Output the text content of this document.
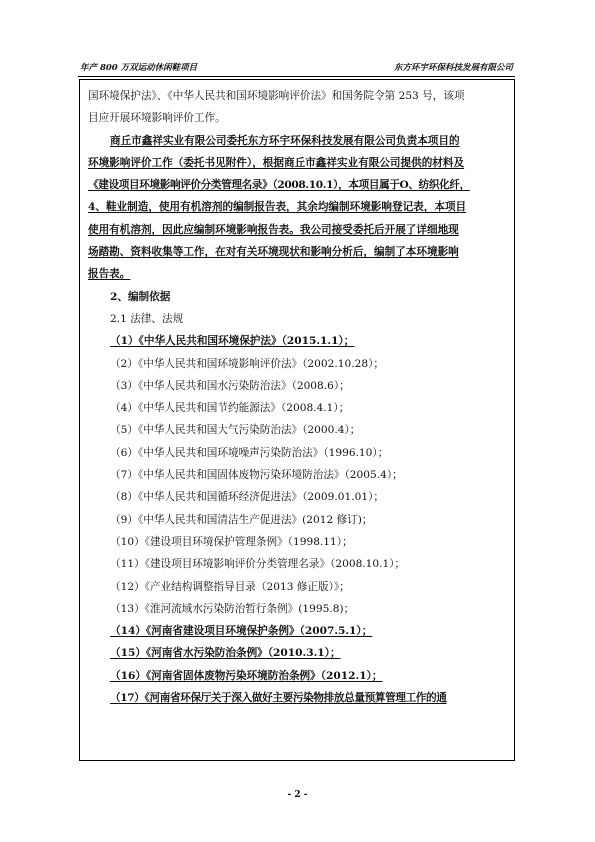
年产 800 万双运动休闲鞋项目	东方环宇环保科技发展有限公司
国环境保护法》、《中华人民共和国环境影响评价法》和国务院令第 253 号，该项
目应开展环境影响评价工作。
商丘市鑫祥实业有限公司委托东方环宇环保科技发展有限公司负责本项目的
环境影响评价工作（委托书见附件），根据商丘市鑫祥实业有限公司提供的材料及
《建设项目环境影响评价分类管理名录》（2008.10.1），本项目属于O、纺织化纤，
4、鞋业制造，使用有机溶剂的编制报告表，其余均编制环境影响登记表，本项目
使用有机溶剂，因此应编制环境影响报告表。我公司接受委托后开展了详细地现
场踏勘、资料收集等工作，在对有关环境现状和影响分析后，编制了本环境影响
报告表。
2、编制依据
2.1 法律、法规
（1）《中华人民共和国环境保护法》（2015.1.1）；
（2）《中华人民共和国环境影响评价法》（2002.10.28）；
（3）《中华人民共和国水污染防治法》（2008.6）；
（4）《中华人民共和国节约能源法》（2008.4.1）；
（5）《中华人民共和国大气污染防治法》（2000.4）；
（6）《中华人民共和国环境噪声污染防治法》（1996.10）；
（7）《中华人民共和国固体废物污染环境防治法》（2005.4）；
（8）《中华人民共和国循环经济促进法》（2009.01.01）；
（9）《中华人民共和国清洁生产促进法》(2012 修订)；
（10）《建设项目环境保护管理条例》（1998.11）；
（11）《建设项目环境影响评价分类管理名录》（2008.10.1）；
（12）《产业结构调整指导目录（2013 修正版）》；
（13）《淮河流域水污染防治暂行条例》(1995.8)；
（14）《河南省建设项目环境保护条例》（2007.5.1）；
（15）《河南省水污染防治条例》（2010.3.1）；
（16）《河南省固体废物污染环境防治条例》（2012.1）；
（17）《河南省环保厅关于深入做好主要污染物排放总量预算管理工作的通
- 2 -
